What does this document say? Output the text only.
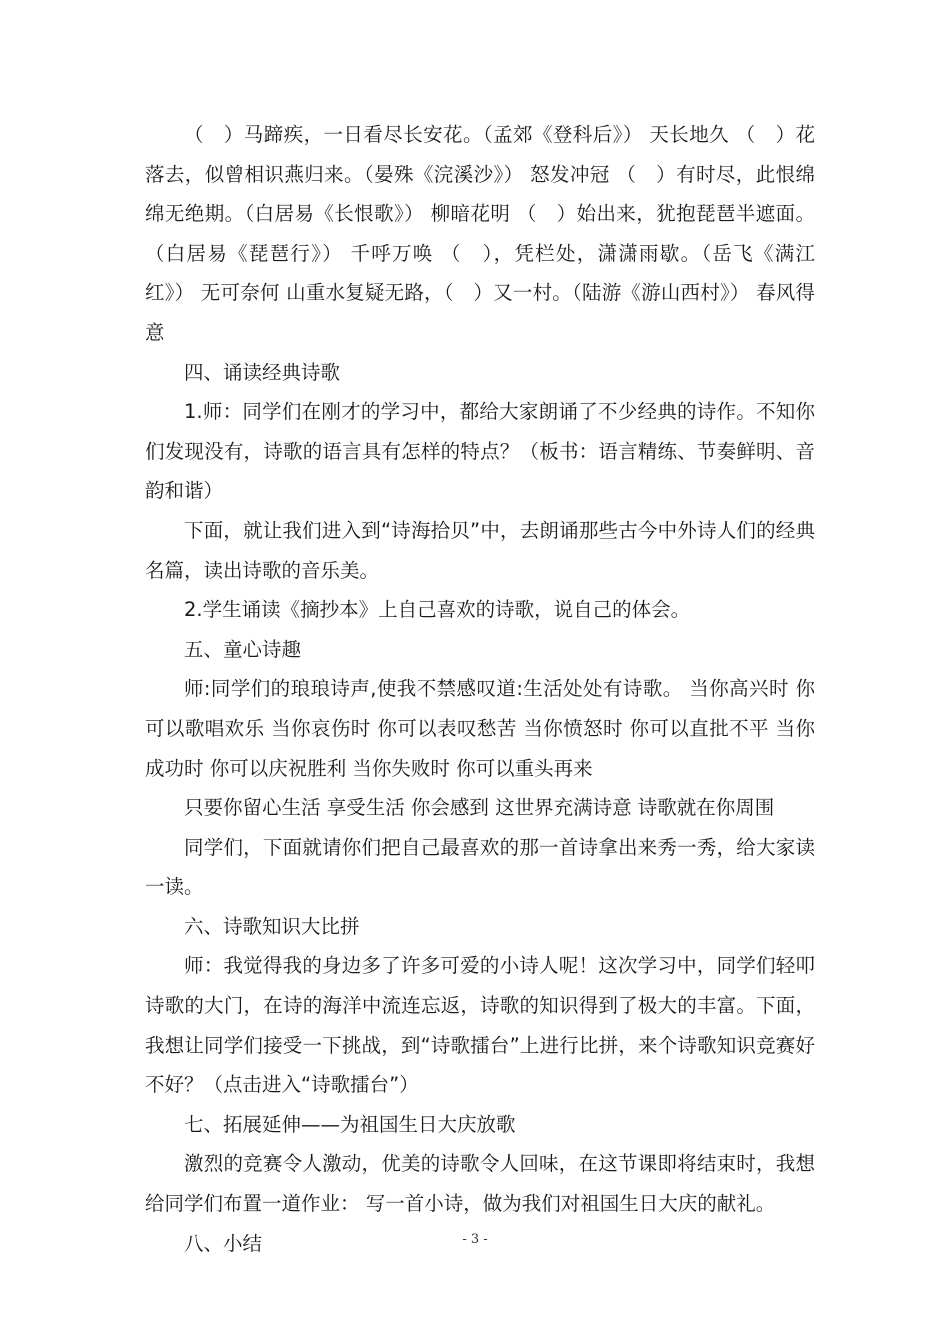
（　）马蹄疾，一日看尽长安花。（孟郊《登科后》） 天长地久 （　）花落去，似曾相识燕归来。（晏殊《浣溪沙》） 怒发冲冠 （　）有时尽，此恨绵绵无绝期。（白居易《长恨歌》） 柳暗花明 （　）始出来，犹抱琵琶半遮面。（白居易《琵琶行》） 千呼万唤 （　），凭栏处，潇潇雨歇。（岳飞《满江红》） 无可奈何 山重水复疑无路，（　）又一村。（陆游《游山西村》） 春风得意

四、诵读经典诗歌

1.师：同学们在刚才的学习中，都给大家朗诵了不少经典的诗作。不知你们发现没有，诗歌的语言具有怎样的特点？（板书：语言精练、节奏鲜明、音韵和谐）

下面，就让我们进入到“诗海拾贝”中，去朗诵那些古今中外诗人们的经典名篇，读出诗歌的音乐美。

2.学生诵读《摘抄本》上自己喜欢的诗歌，说自己的体会。

五、童心诗趣

师:同学们的琅琅诗声,使我不禁感叹道:生活处处有诗歌。 当你高兴时 你可以歌唱欢乐 当你哀伤时 你可以表叹愁苦 当你愤怒时 你可以直批不平 当你成功时 你可以庆祝胜利 当你失败时 你可以重头再来

只要你留心生活 享受生活 你会感到 这世界充满诗意 诗歌就在你周围

同学们，下面就请你们把自己最喜欢的那一首诗拿出来秀一秀，给大家读一读。

六、诗歌知识大比拼

师：我觉得我的身边多了许多可爱的小诗人呢！这次学习中，同学们轻叩诗歌的大门，在诗的海洋中流连忘返，诗歌的知识得到了极大的丰富。下面，我想让同学们接受一下挑战，到“诗歌擂台”上进行比拼，来个诗歌知识竞赛好不好？（点击进入“诗歌擂台”）

七、拓展延伸——为祖国生日大庆放歌

激烈的竞赛令人激动，优美的诗歌令人回味，在这节课即将结束时，我想给同学们布置一道作业： 写一首小诗，做为我们对祖国生日大庆的献礼。

八、小结	- 3 -
